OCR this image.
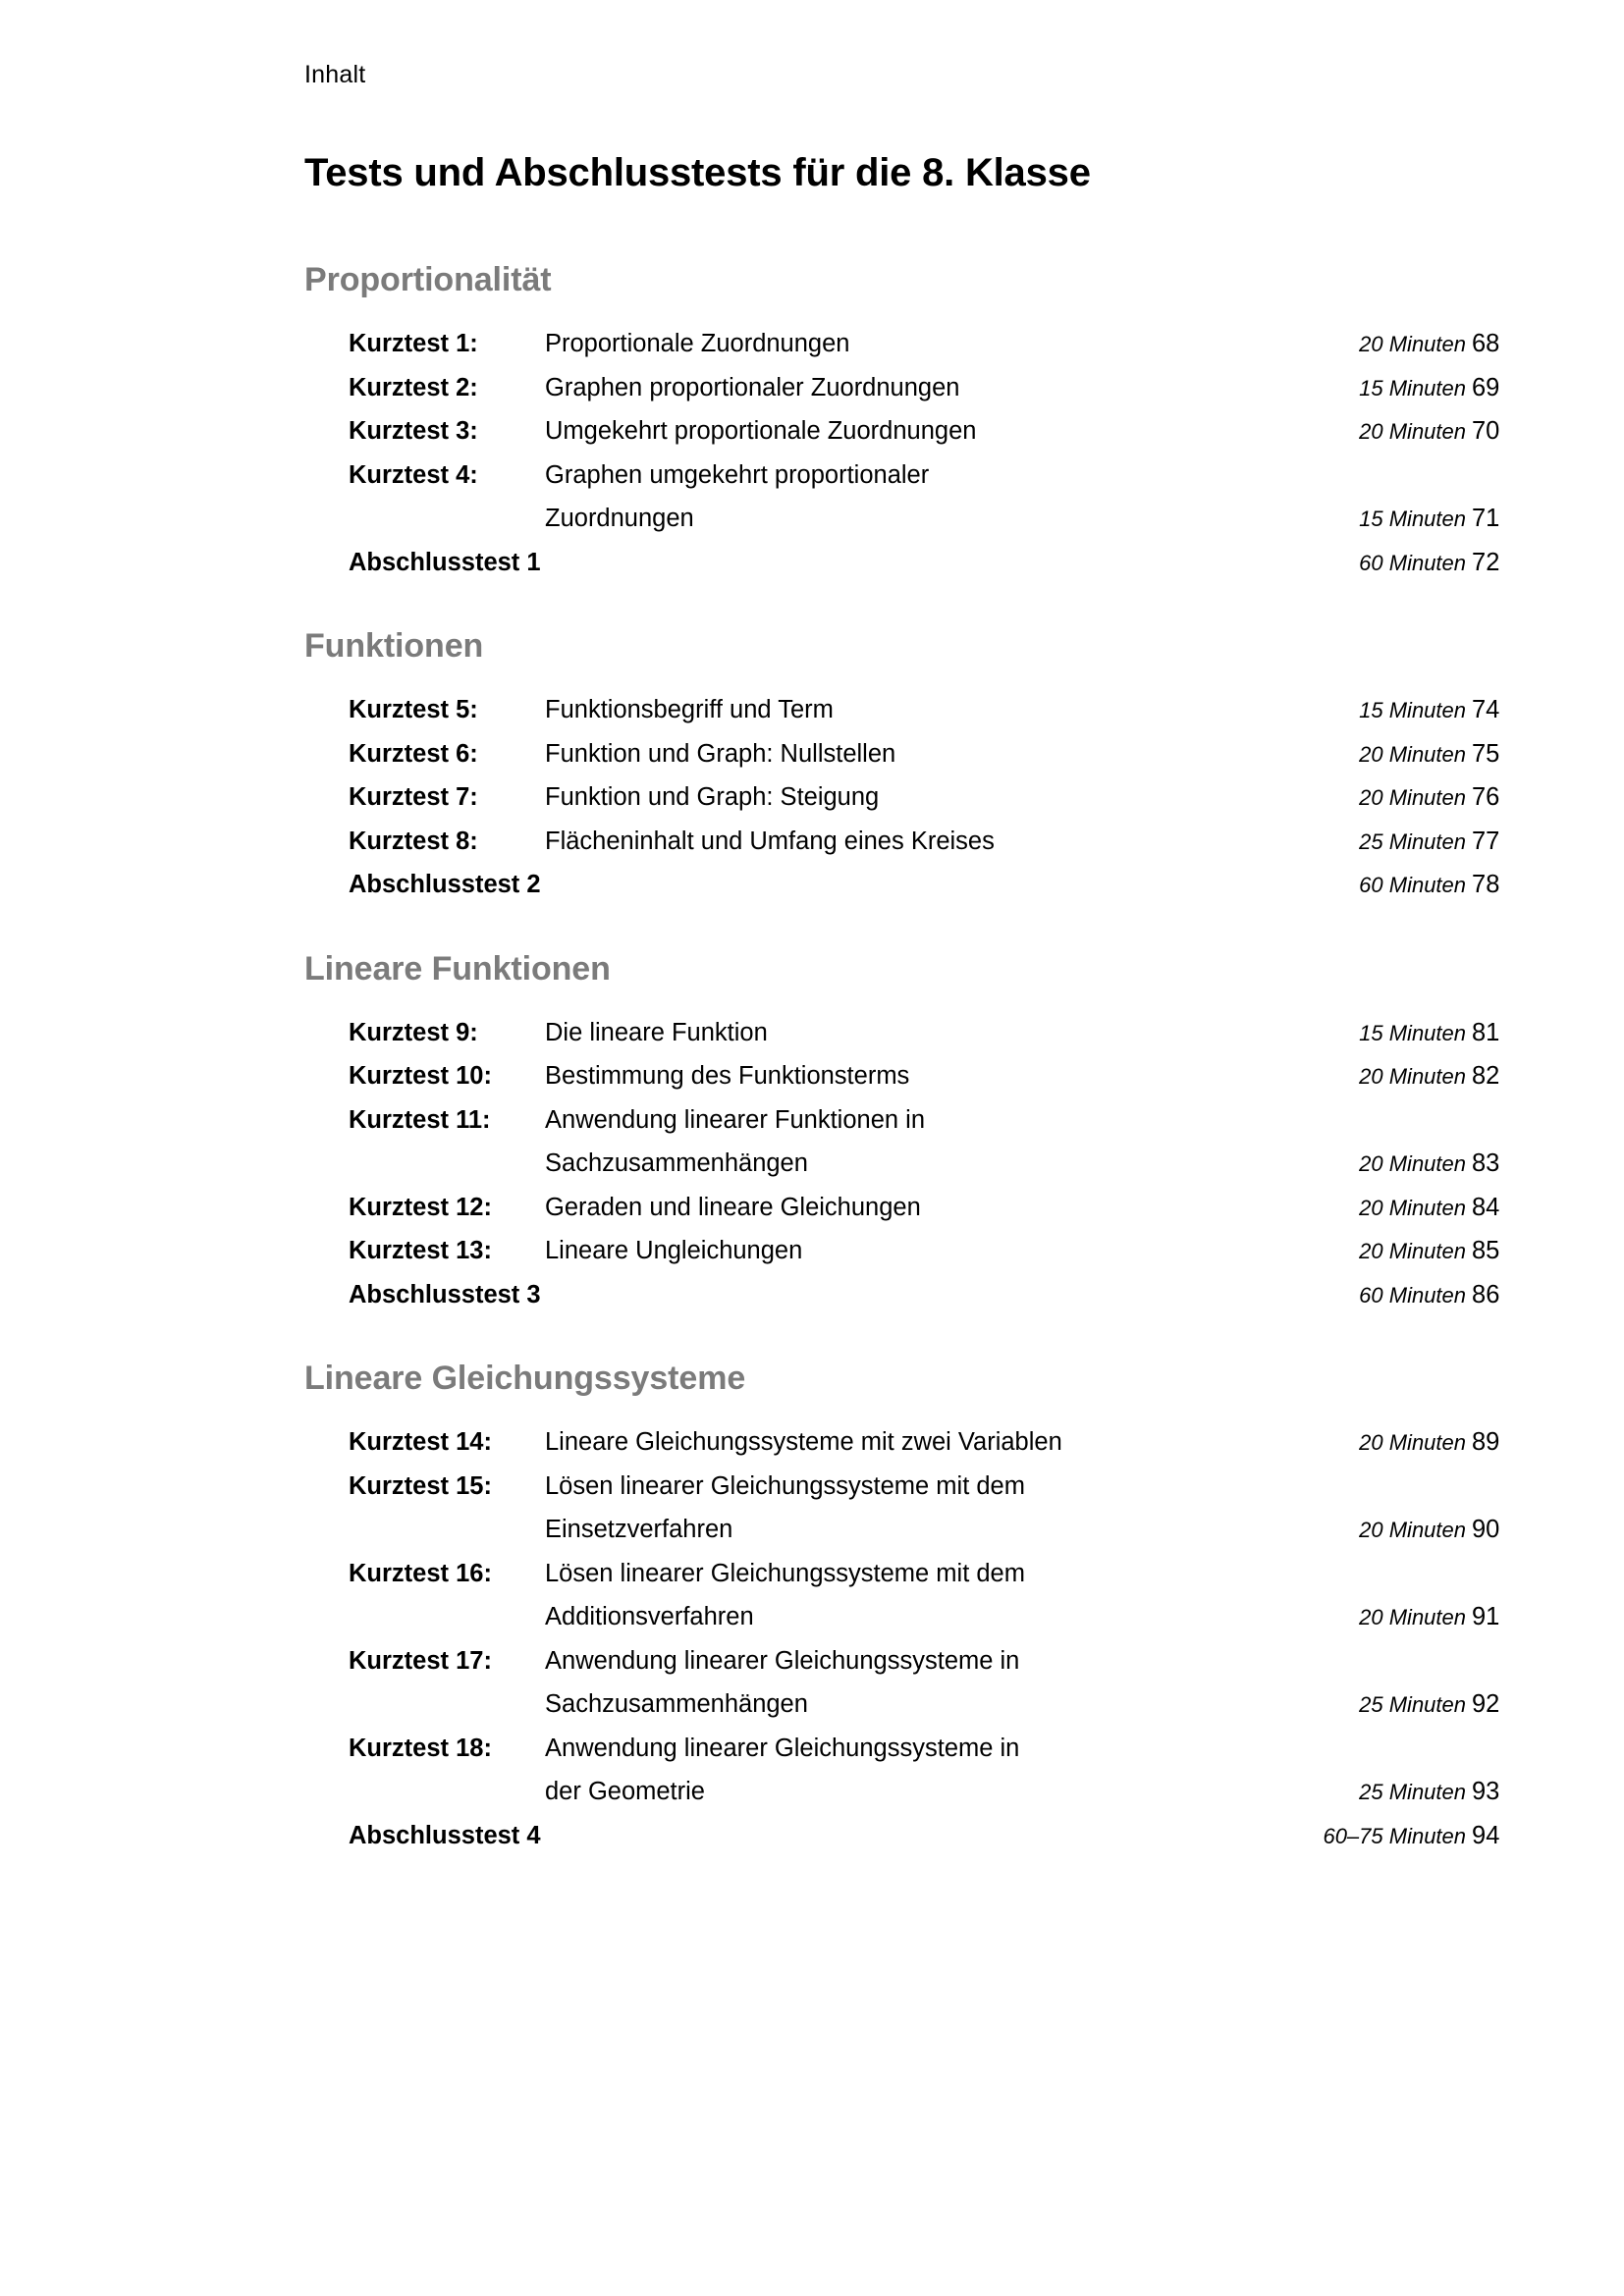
Inhalt
Tests und Abschlusstests für die 8. Klasse
Proportionalität
Kurztest 1:	Proportionale Zuordnungen	20 Minuten 68
Kurztest 2:	Graphen proportionaler Zuordnungen	15 Minuten 69
Kurztest 3:	Umgekehrt proportionale Zuordnungen	20 Minuten 70
Kurztest 4:	Graphen umgekehrt proportionaler
Zuordnungen	15 Minuten 71
Abschlusstest 1	60 Minuten 72
Funktionen
Kurztest 5:	Funktionsbegriff und Term	15 Minuten 74
Kurztest 6:	Funktion und Graph: Nullstellen	20 Minuten 75
Kurztest 7:	Funktion und Graph: Steigung	20 Minuten 76
Kurztest 8:	Flächeninhalt und Umfang eines Kreises	25 Minuten 77
Abschlusstest 2	60 Minuten 78
Lineare Funktionen
Kurztest 9:	Die lineare Funktion	15 Minuten 81
Kurztest 10:	Bestimmung des Funktionsterms	20 Minuten 82
Kurztest 11:	Anwendung linearer Funktionen in
Sachzusammenhängen	20 Minuten 83
Kurztest 12:	Geraden und lineare Gleichungen	20 Minuten 84
Kurztest 13:	Lineare Ungleichungen	20 Minuten 85
Abschlusstest 3	60 Minuten 86
Lineare Gleichungssysteme
Kurztest 14:	Lineare Gleichungssysteme mit zwei Variablen	20 Minuten 89
Kurztest 15:	Lösen linearer Gleichungssysteme mit dem
Einsetzverfahren	20 Minuten 90
Kurztest 16:	Lösen linearer Gleichungssysteme mit dem
Additionsverfahren	20 Minuten 91
Kurztest 17:	Anwendung linearer Gleichungssysteme in
Sachzusammenhängen	25 Minuten 92
Kurztest 18:	Anwendung linearer Gleichungssysteme in
der Geometrie	25 Minuten 93
Abschlusstest 4	60–75 Minuten 94
